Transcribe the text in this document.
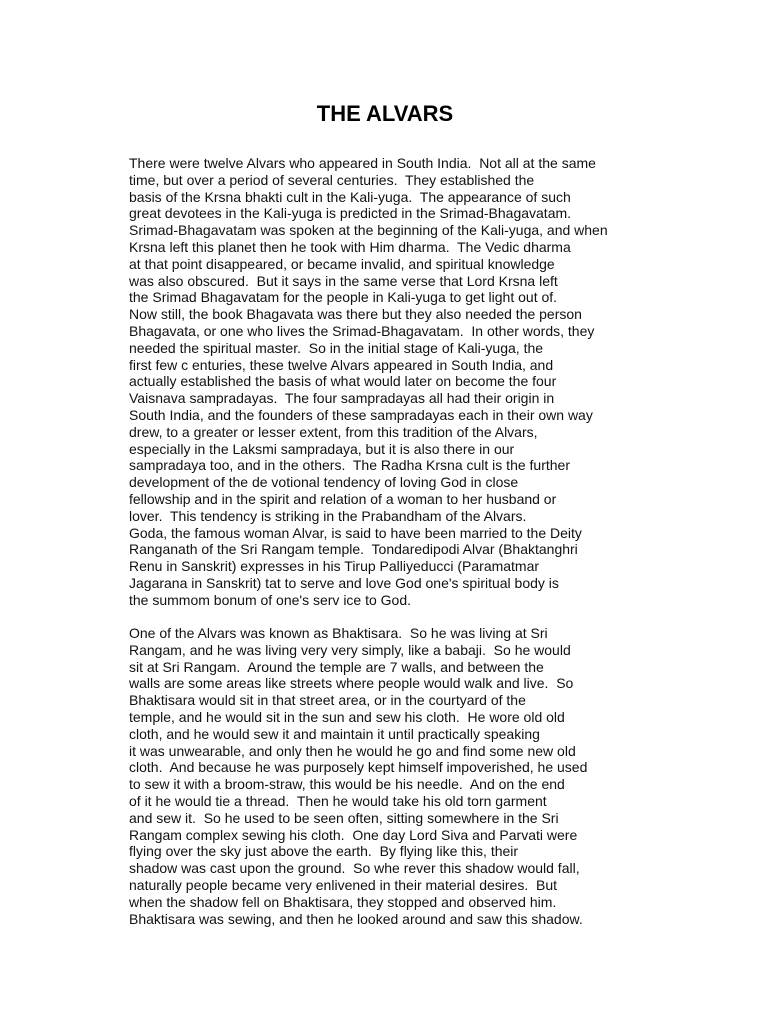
THE ALVARS
There were twelve Alvars who appeared in South India.  Not all at the same
time, but over a period of several centuries.  They established the
basis of the Krsna bhakti cult in the Kali-yuga.  The appearance of such
great devotees in the Kali-yuga is predicted in the Srimad-Bhagavatam.
Srimad-Bhagavatam was spoken at the beginning of the Kali-yuga, and when
Krsna left this planet then he took with Him dharma.  The Vedic dharma
at that point disappeared, or became invalid, and spiritual knowledge
was also obscured.  But it says in the same verse that Lord Krsna left
the Srimad Bhagavatam for the people in Kali-yuga to get light out of.
Now still, the book Bhagavata was there but they also needed the person
Bhagavata, or one who lives the Srimad-Bhagavatam.  In other words, they
needed the spiritual master.  So in the initial stage of Kali-yuga, the
first few c enturies, these twelve Alvars appeared in South India, and
actually established the basis of what would later on become the four
Vaisnava sampradayas.  The four sampradayas all had their origin in
South India, and the founders of these sampradayas each in their own way
drew, to a greater or lesser extent, from this tradition of the Alvars,
especially in the Laksmi sampradaya, but it is also there in our
sampradaya too, and in the others.  The Radha Krsna cult is the further
development of the de votional tendency of loving God in close
fellowship and in the spirit and relation of a woman to her husband or
lover.  This tendency is striking in the Prabandham of the Alvars.
Goda, the famous woman Alvar, is said to have been married to the Deity
Ranganath of the Sri Rangam temple.  Tondaredipodi Alvar (Bhaktanghri
Renu in Sanskrit) expresses in his Tirup Palliyeducci (Paramatmar
Jagarana in Sanskrit) tat to serve and love God one's spiritual body is
the summom bonum of one's serv ice to God.
One of the Alvars was known as Bhaktisara.  So he was living at Sri
Rangam, and he was living very very simply, like a babaji.  So he would
sit at Sri Rangam.  Around the temple are 7 walls, and between the
walls are some areas like streets where people would walk and live.  So
Bhaktisara would sit in that street area, or in the courtyard of the
temple, and he would sit in the sun and sew his cloth.  He wore old old
cloth, and he would sew it and maintain it until practically speaking
it was unwearable, and only then he would he go and find some new old
cloth.  And because he was purposely kept himself impoverished, he used
to sew it with a broom-straw, this would be his needle.  And on the end
of it he would tie a thread.  Then he would take his old torn garment
and sew it.  So he used to be seen often, sitting somewhere in the Sri
Rangam complex sewing his cloth.  One day Lord Siva and Parvati were
flying over the sky just above the earth.  By flying like this, their
shadow was cast upon the ground.  So whe rever this shadow would fall,
naturally people became very enlivened in their material desires.  But
when the shadow fell on Bhaktisara, they stopped and observed him.
Bhaktisara was sewing, and then he looked around and saw this shadow.
